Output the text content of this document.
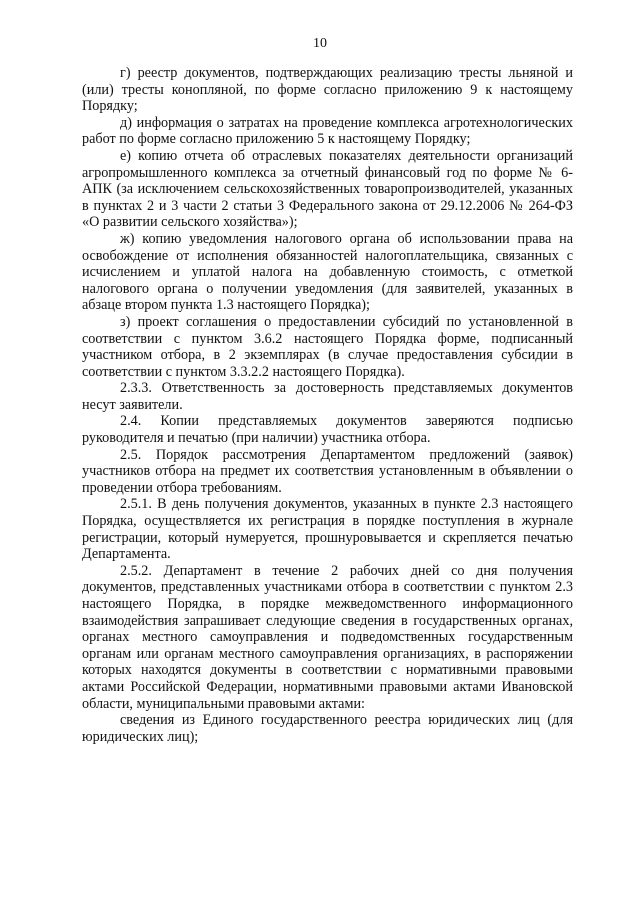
10

г) реестр документов, подтверждающих реализацию тресты льняной и (или) тресты конопляной, по форме согласно приложению 9 к настоящему Порядку;

д) информация о затратах на проведение комплекса агротехнологических работ по форме согласно приложению 5 к настоящему Порядку;

е) копию отчета об отраслевых показателях деятельности организаций агропромышленного комплекса за отчетный финансовый год по форме № 6-АПК (за исключением сельскохозяйственных товаропроизводителей, указанных в пунктах 2 и 3 части 2 статьи 3 Федерального закона от 29.12.2006 № 264-ФЗ «О развитии сельского хозяйства»);

ж) копию уведомления налогового органа об использовании права на освобождение от исполнения обязанностей налогоплательщика, связанных с исчислением и уплатой налога на добавленную стоимость, с отметкой налогового органа о получении уведомления (для заявителей, указанных в абзаце втором пункта 1.3 настоящего Порядка);

з) проект соглашения о предоставлении субсидий по установленной в соответствии с пунктом 3.6.2 настоящего Порядка форме, подписанный участником отбора, в 2 экземплярах (в случае предоставления субсидии в соответствии с пунктом 3.3.2.2 настоящего Порядка).

2.3.3. Ответственность за достоверность представляемых документов несут заявители.

2.4. Копии представляемых документов заверяются подписью руководителя и печатью (при наличии) участника отбора.

2.5. Порядок рассмотрения Департаментом предложений (заявок) участников отбора на предмет их соответствия установленным в объявлении о проведении отбора требованиям.

2.5.1. В день получения документов, указанных в пункте 2.3 настоящего Порядка, осуществляется их регистрация в порядке поступления в журнале регистрации, который нумеруется, прошнуровывается и скрепляется печатью Департамента.

2.5.2. Департамент в течение 2 рабочих дней со дня получения документов, представленных участниками отбора в соответствии с пунктом 2.3 настоящего Порядка, в порядке межведомственного информационного взаимодействия запрашивает следующие сведения в государственных органах, органах местного самоуправления и подведомственных государственным органам или органам местного самоуправления организациях, в распоряжении которых находятся документы в соответствии с нормативными правовыми актами Российской Федерации, нормативными правовыми актами Ивановской области, муниципальными правовыми актами:

сведения из Единого государственного реестра юридических лиц (для юридических лиц);
